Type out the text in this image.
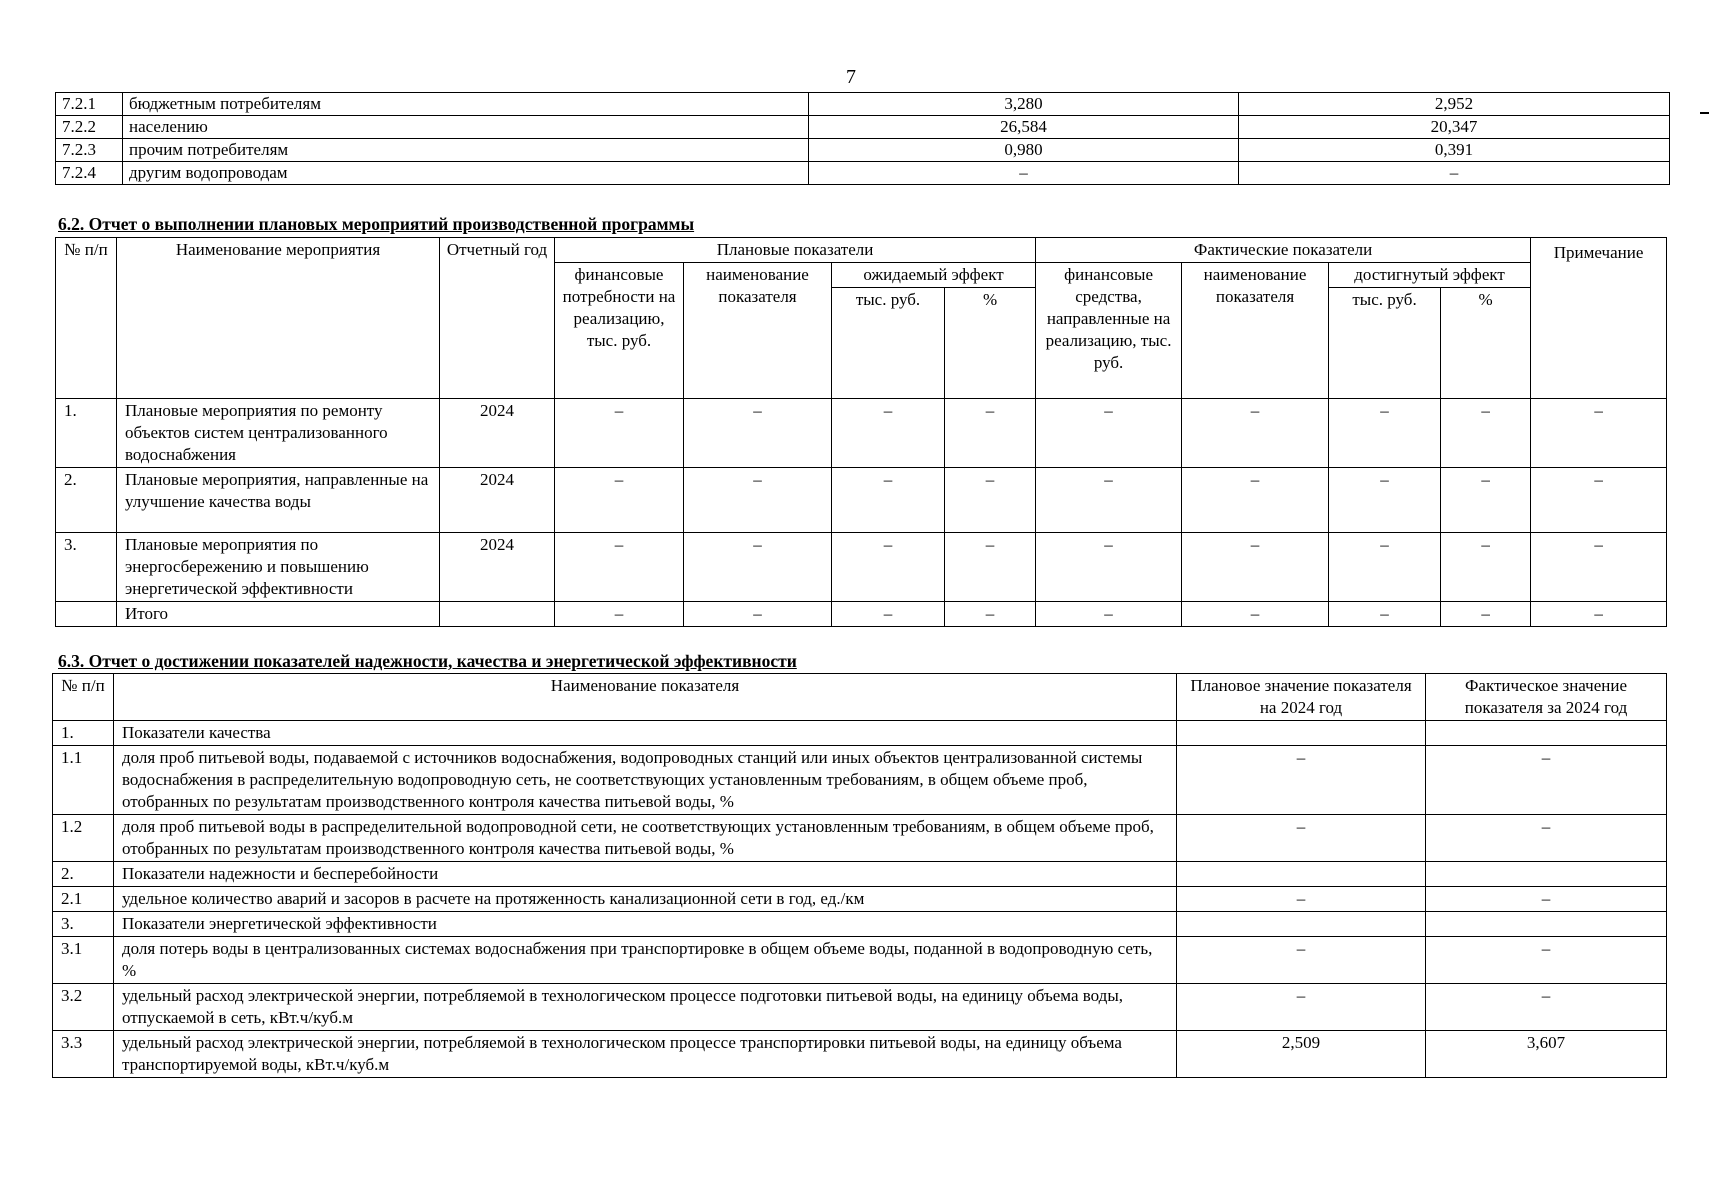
7
7.2.1	бюджетным потребителям	3,280	2,952
7.2.2	населению	26,584	20,347
7.2.3	прочим потребителям	0,980	0,391
7.2.4	другим водопроводам	–	–
6.2. Отчет о выполнении плановых мероприятий производственной программы
№ п/п	Наименование мероприятия	Отчетный год	Плановые показатели				Фактические показатели				Примечание
			финансовые потребности на реализацию, тыс. руб.	наименование показателя	ожидаемый эффект		финансовые средства, направленные на реализацию, тыс. руб.	наименование показателя	достигнутый эффект		
					тыс. руб.	%			тыс. руб.	%	
1.	Плановые мероприятия по ремонту объектов систем централизованного водоснабжения	2024	–	–	–	–	–	–	–	–	–
2.	Плановые мероприятия, направленные на улучшение качества воды	2024	–	–	–	–	–	–	–	–	–
3.	Плановые мероприятия по энергосбережению и повышению энергетической эффективности	2024	–	–	–	–	–	–	–	–	–
	Итого		–	–	–	–	–	–	–	–	–
6.3. Отчет о достижении показателей надежности, качества и энергетической эффективности
№ п/п	Наименование показателя	Плановое значение показателя на 2024 год	Фактическое значение показателя за 2024 год
1.	Показатели качества		
1.1	доля проб питьевой воды, подаваемой с источников водоснабжения, водопроводных станций или иных объектов централизованной системы водоснабжения в распределительную водопроводную сеть, не соответствующих установленным требованиям, в общем объеме проб, отобранных по результатам производственного контроля качества питьевой воды, %	–	–
1.2	доля проб питьевой воды в распределительной водопроводной сети, не соответствующих установленным требованиям, в общем объеме проб, отобранных по результатам производственного контроля качества питьевой воды, %	–	–
2.	Показатели надежности и бесперебойности		
2.1	удельное количество аварий и засоров в расчете на протяженность канализационной сети в год, ед./км	–	–
3.	Показатели энергетической эффективности		
3.1	доля потерь воды в централизованных системах водоснабжения при транспортировке в общем объеме воды, поданной в водопроводную сеть, %	–	–
3.2	удельный расход электрической энергии, потребляемой в технологическом процессе подготовки питьевой воды, на единицу объема воды, отпускаемой в сеть, кВт.ч/куб.м	–	–
3.3	удельный расход электрической энергии, потребляемой в технологическом процессе транспортировки питьевой воды, на единицу объема транспортируемой воды, кВт.ч/куб.м	2,509	3,607
